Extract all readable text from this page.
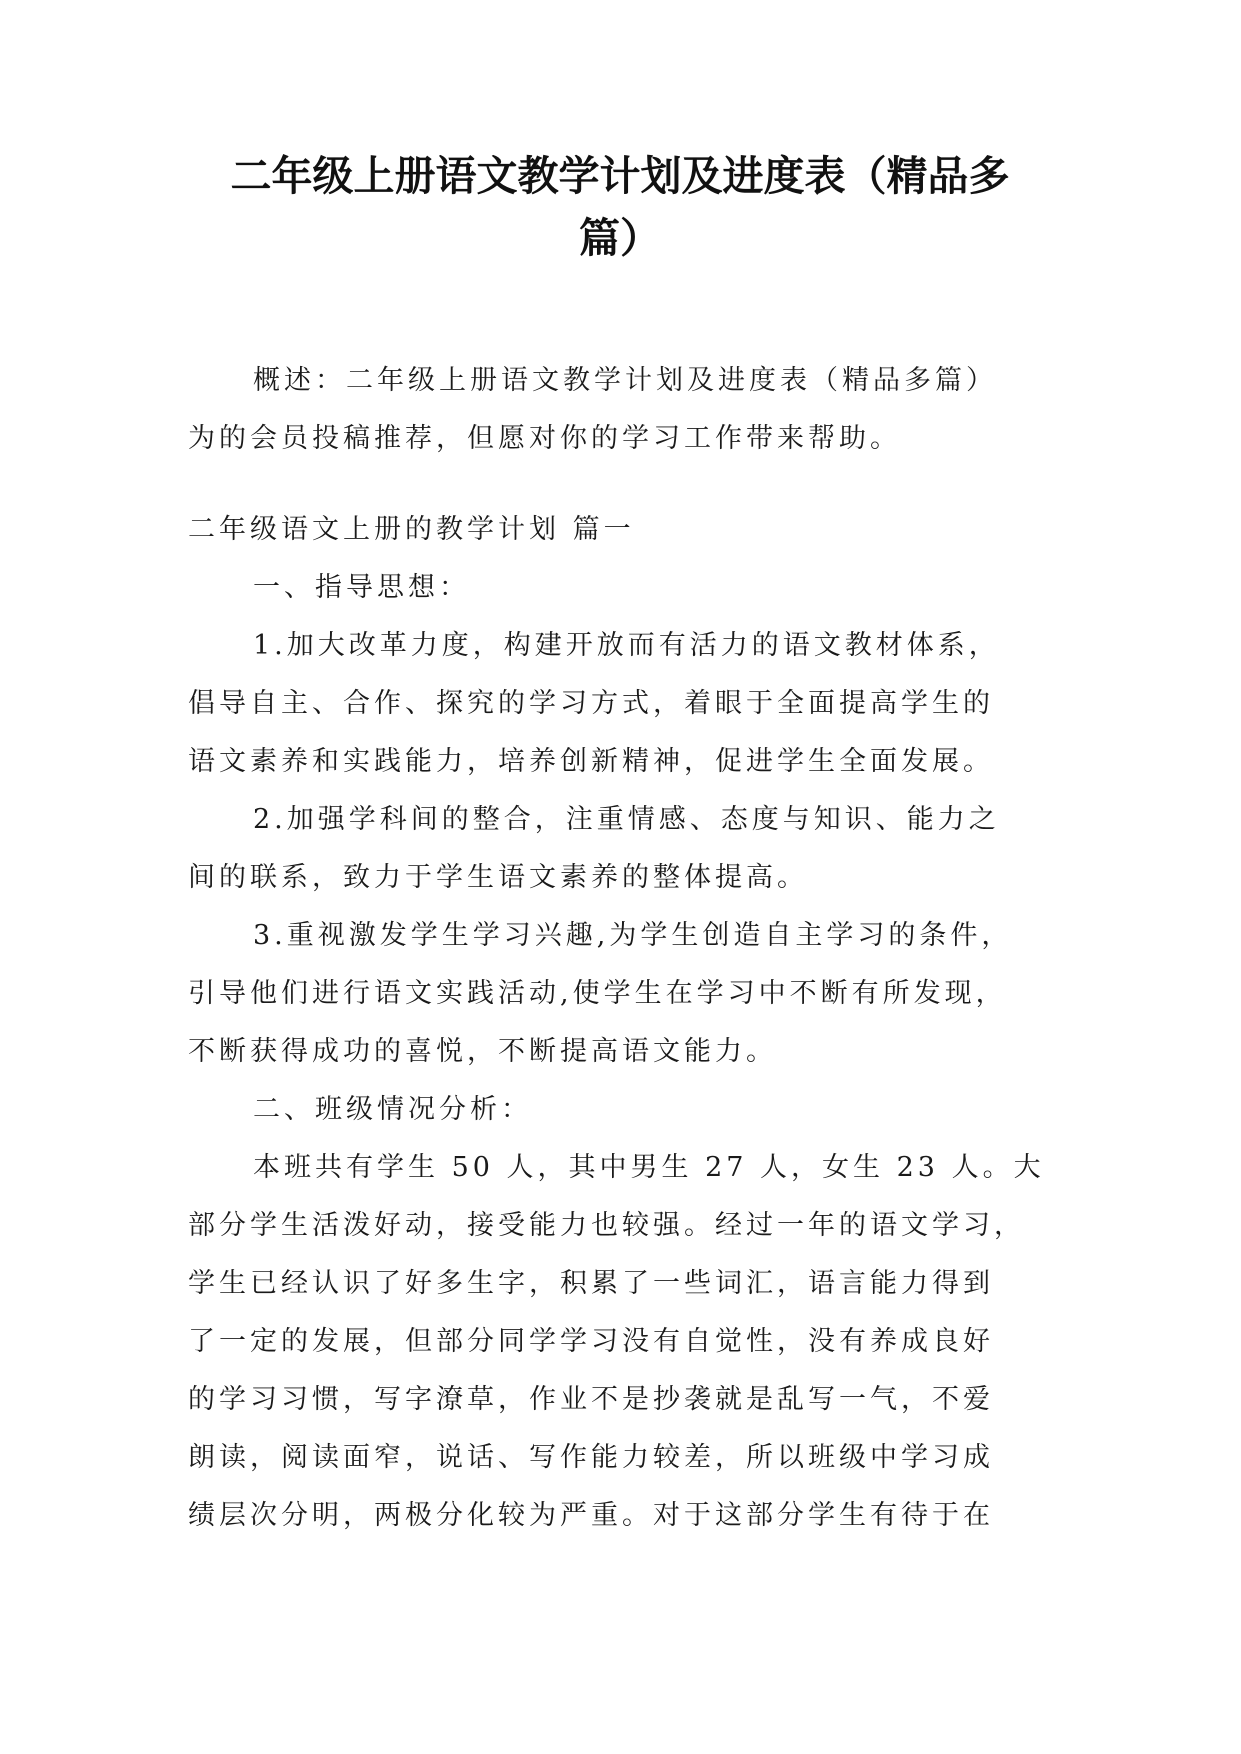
二年级上册语文教学计划及进度表（精品多
篇）
概述：二年级上册语文教学计划及进度表（精品多篇）
为的会员投稿推荐，但愿对你的学习工作带来帮助。
二年级语文上册的教学计划 篇一
一、指导思想：
1.加大改革力度，构建开放而有活力的语文教材体系，
倡导自主、合作、探究的学习方式，着眼于全面提高学生的
语文素养和实践能力，培养创新精神，促进学生全面发展。
2.加强学科间的整合，注重情感、态度与知识、能力之
间的联系，致力于学生语文素养的整体提高。
3.重视激发学生学习兴趣,为学生创造自主学习的条件，
引导他们进行语文实践活动,使学生在学习中不断有所发现，
不断获得成功的喜悦，不断提高语文能力。
二、班级情况分析：
本班共有学生 50 人，其中男生 27 人，女生 23 人。大
部分学生活泼好动，接受能力也较强。经过一年的语文学习，
学生已经认识了好多生字，积累了一些词汇，语言能力得到
了一定的发展，但部分同学学习没有自觉性，没有养成良好
的学习习惯，写字潦草，作业不是抄袭就是乱写一气，不爱
朗读，阅读面窄，说话、写作能力较差，所以班级中学习成
绩层次分明，两极分化较为严重。对于这部分学生有待于在
